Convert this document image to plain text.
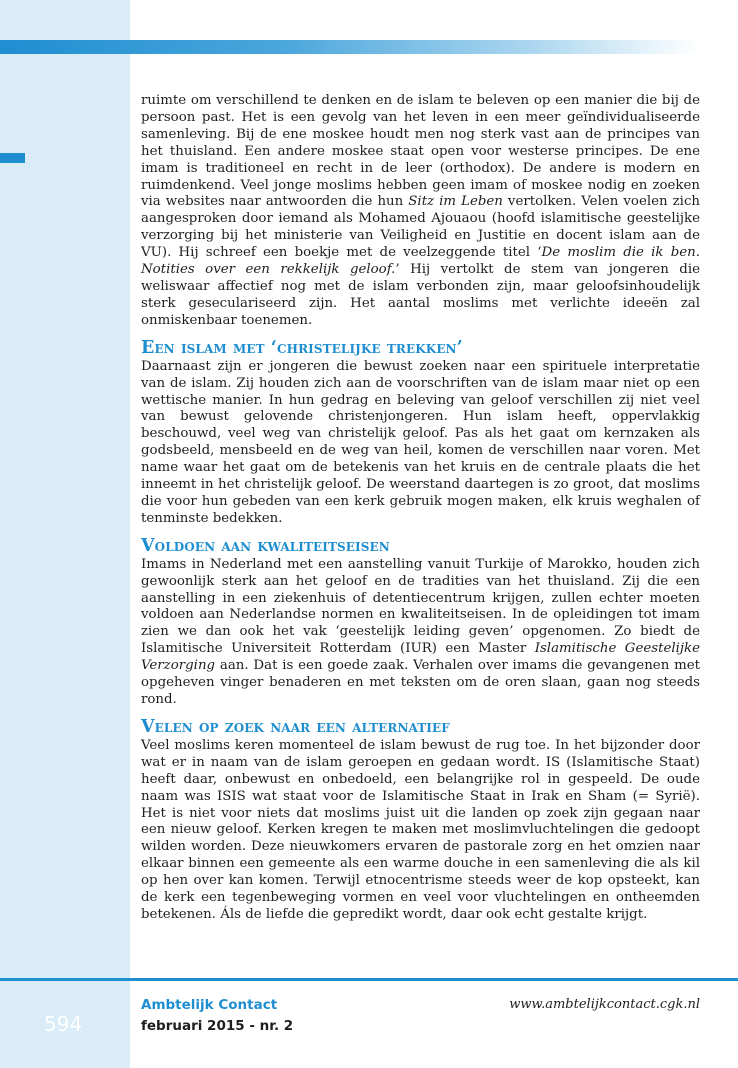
ruimte om verschillend te denken en de islam te beleven op een manier die bij de persoon past. Het is een gevolg van het leven in een meer geïndividualiseerde samenleving. Bij de ene moskee houdt men nog sterk vast aan de principes van het thuisland. Een andere moskee staat open voor westerse principes. De ene imam is traditioneel en recht in de leer (orthodox). De andere is modern en ruimdenkend. Veel jonge moslims hebben geen imam of moskee nodig en zoeken via websites naar antwoorden die hun Sitz im Leben vertolken. Velen voelen zich aangesproken door iemand als Mohamed Ajouaou (hoofd islamitische geestelijke verzorging bij het ministerie van Veiligheid en Justitie en docent islam aan de VU). Hij schreef een boekje met de veelzeggende titel ‘De moslim die ik ben. Notities over een rekkelijk geloof.’ Hij vertolkt de stem van jongeren die weliswaar affectief nog met de islam verbonden zijn, maar geloofsinhoudelijk sterk geseculariseerd zijn. Het aantal moslims met verlichte ideeën zal onmiskenbaar toenemen.

Een islam met ‘christelijke trekken’

Daarnaast zijn er jongeren die bewust zoeken naar een spirituele interpretatie van de islam. Zij houden zich aan de voorschriften van de islam maar niet op een wettische manier. In hun gedrag en beleving van geloof verschillen zij niet veel van bewust gelovende christenjongeren. Hun islam heeft, oppervlakkig beschouwd, veel weg van christelijk geloof. Pas als het gaat om kernzaken als godsbeeld, mensbeeld en de weg van heil, komen de verschillen naar voren. Met name waar het gaat om de betekenis van het kruis en de centrale plaats die het inneemt in het christelijk geloof. De weerstand daartegen is zo groot, dat moslims die voor hun gebeden van een kerk gebruik mogen maken, elk kruis weghalen of tenminste bedekken.

Voldoen aan kwaliteitseisen

Imams in Nederland met een aanstelling vanuit Turkije of Marokko, houden zich gewoonlijk sterk aan het geloof en de tradities van het thuisland. Zij die een aanstelling in een ziekenhuis of detentiecentrum krijgen, zullen echter moeten voldoen aan Nederlandse normen en kwaliteitseisen. In de opleidingen tot imam zien we dan ook het vak ‘geestelijk leiding geven’ opgenomen. Zo biedt de Islamitische Universiteit Rotterdam (IUR) een Master Islamitische Geestelijke Verzorging aan. Dat is een goede zaak. Verhalen over imams die gevangenen met opgeheven vinger benaderen en met teksten om de oren slaan, gaan nog steeds rond.

Velen op zoek naar een alternatief

Veel moslims keren momenteel de islam bewust de rug toe. In het bijzonder door wat er in naam van de islam geroepen en gedaan wordt. IS (Islamitische Staat) heeft daar, onbewust en onbedoeld, een belangrijke rol in gespeeld. De oude naam was ISIS wat staat voor de Islamitische Staat in Irak en Sham (= Syrië). Het is niet voor niets dat moslims juist uit die landen op zoek zijn gegaan naar een nieuw geloof. Kerken kregen te maken met moslimvluchtelingen die gedoopt wilden worden. Deze nieuwkomers ervaren de pastorale zorg en het omzien naar elkaar binnen een gemeente als een warme douche in een samenleving die als kil op hen over kan komen. Terwijl etnocentrisme steeds weer de kop opsteekt, kan de kerk een tegenbeweging vormen en veel voor vluchtelingen en ontheemden betekenen. Áls de liefde die gepredikt wordt, daar ook echt gestalte krijgt.

594
Ambtelijk Contact
februari 2015 - nr. 2
www.ambtelijkcontact.cgk.nl
